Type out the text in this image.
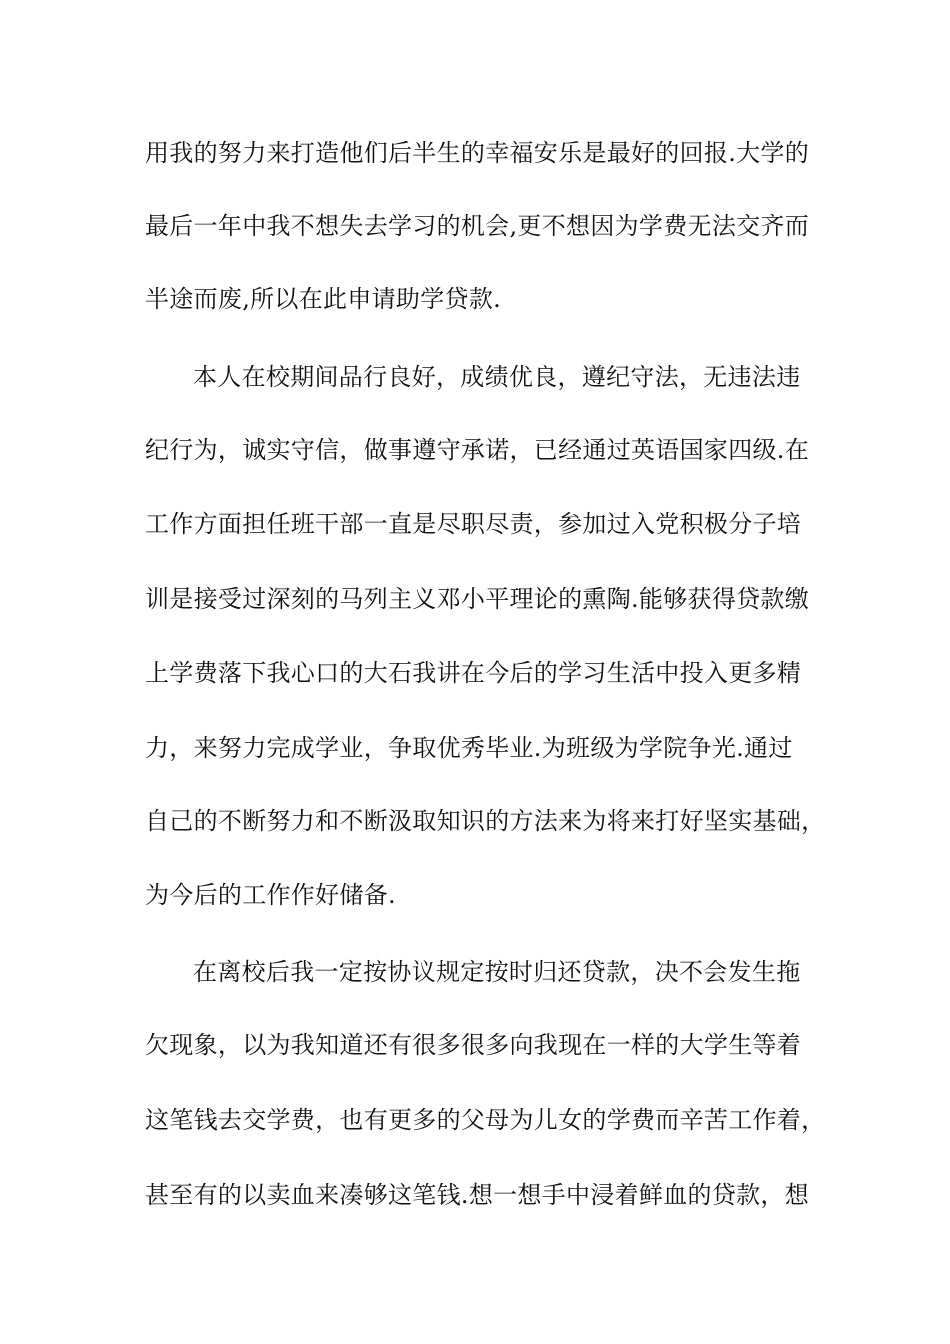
用我的努力来打造他们后半生的幸福安乐是最好的回报.大学的
最后一年中我不想失去学习的机会,更不想因为学费无法交齐而
半途而废,所以在此申请助学贷款.
本人在校期间品行良好，成绩优良，遵纪守法，无违法违
纪行为，诚实守信，做事遵守承诺，已经通过英语国家四级.在
工作方面担任班干部一直是尽职尽责，参加过入党积极分子培
训是接受过深刻的马列主义邓小平理论的熏陶.能够获得贷款缴
上学费落下我心口的大石我讲在今后的学习生活中投入更多精
力，来努力完成学业，争取优秀毕业.为班级为学院争光.通过
自己的不断努力和不断汲取知识的方法来为将来打好坚实基础，
为今后的工作作好储备.
在离校后我一定按协议规定按时归还贷款，决不会发生拖
欠现象，以为我知道还有很多很多向我现在一样的大学生等着
这笔钱去交学费，也有更多的父母为儿女的学费而辛苦工作着，
甚至有的以卖血来凑够这笔钱.想一想手中浸着鲜血的贷款，想
